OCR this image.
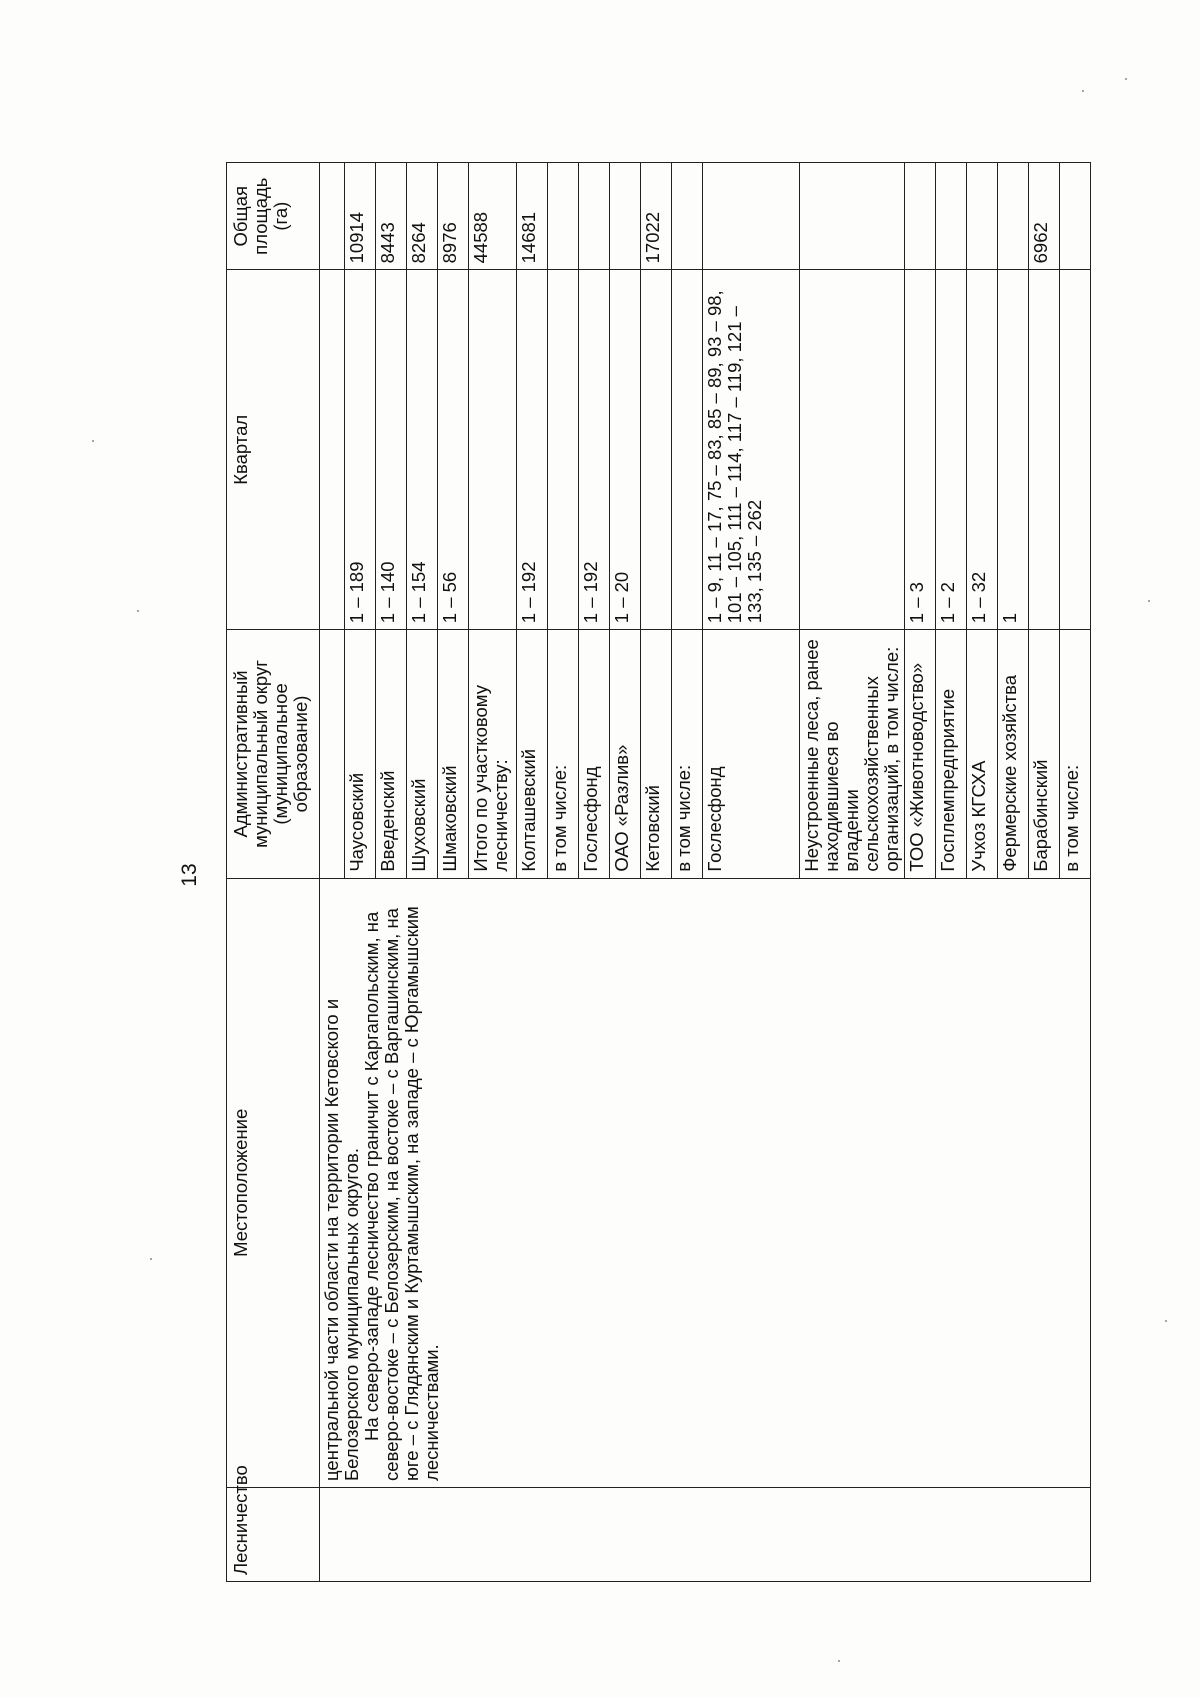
13
Лесничество	Местоположение	Административный муниципальный округ (муниципальное образование)	Квартал	Общая площадь (га)
	центральной части области на территории Кетовского и Белозерского муниципальных округов.
На северо-западе лесничество граничит с Каргапольским, на северо-востоке – с Белозерским, на востоке – с Варгашинским, на юге – с Глядянским и Куртамышским, на западе – с Юргамышским лесничествами.			
		Чаусовский	1 – 189	10914
		Введенский	1 – 140	8443
		Шуховский	1 – 154	8264
		Шмаковский	1 – 56	8976
		Итого по участковому лесничеству:		44588
		Колташевский	1 – 192	14681
		в том числе:		
		Гослесфонд	1 – 192	
		ОАО «Разлив»	1 – 20	
		Кетовский		17022
		в том числе:		
		Гослесфонд	1 – 9, 11 – 17, 75 – 83, 85 – 89, 93 – 98, 101 – 105, 111 – 114, 117 – 119, 121 – 133, 135 – 262	
		Неустроенные леса, ранее находившиеся во владении сельскохозяйственных организаций, в том числе:		
		ТОО «Животноводство»	1 – 3	
		Госплемпредприятие	1 – 2	
		Учхоз КГСХА	1 – 32	
		Фермерские хозяйства	1	
		Барабинский		6962
		в том числе:		
